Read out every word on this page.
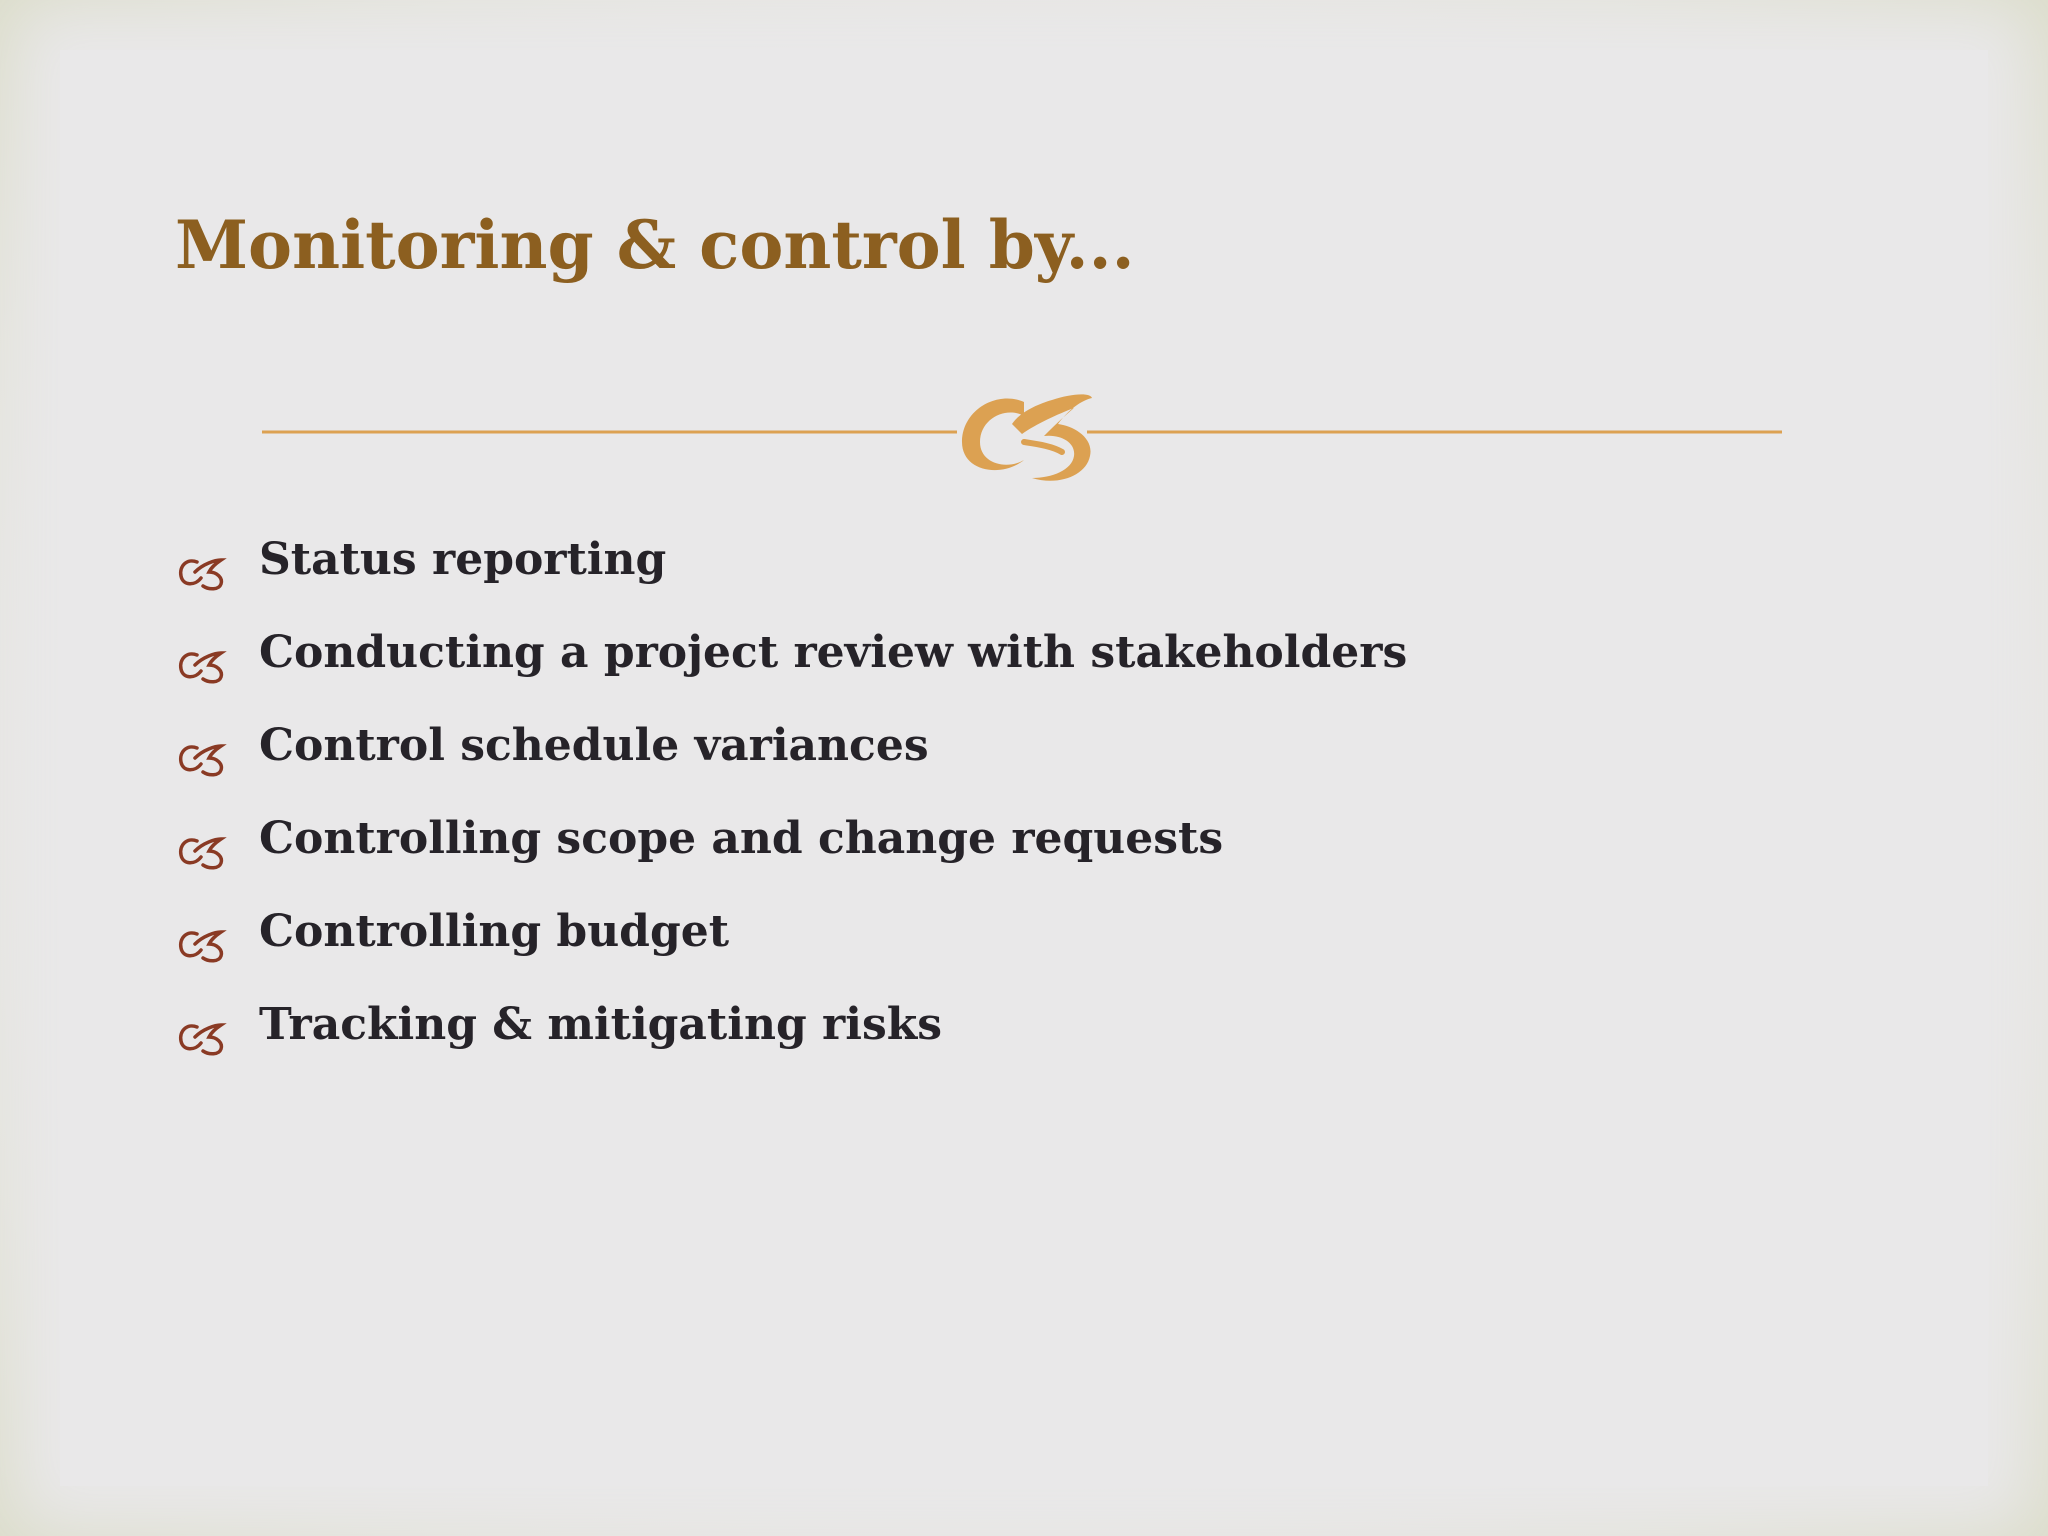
Monitoring & control by...
Status reporting
Conducting a project review with stakeholders
Control schedule variances
Controlling scope and change requests
Controlling budget
Tracking & mitigating risks
